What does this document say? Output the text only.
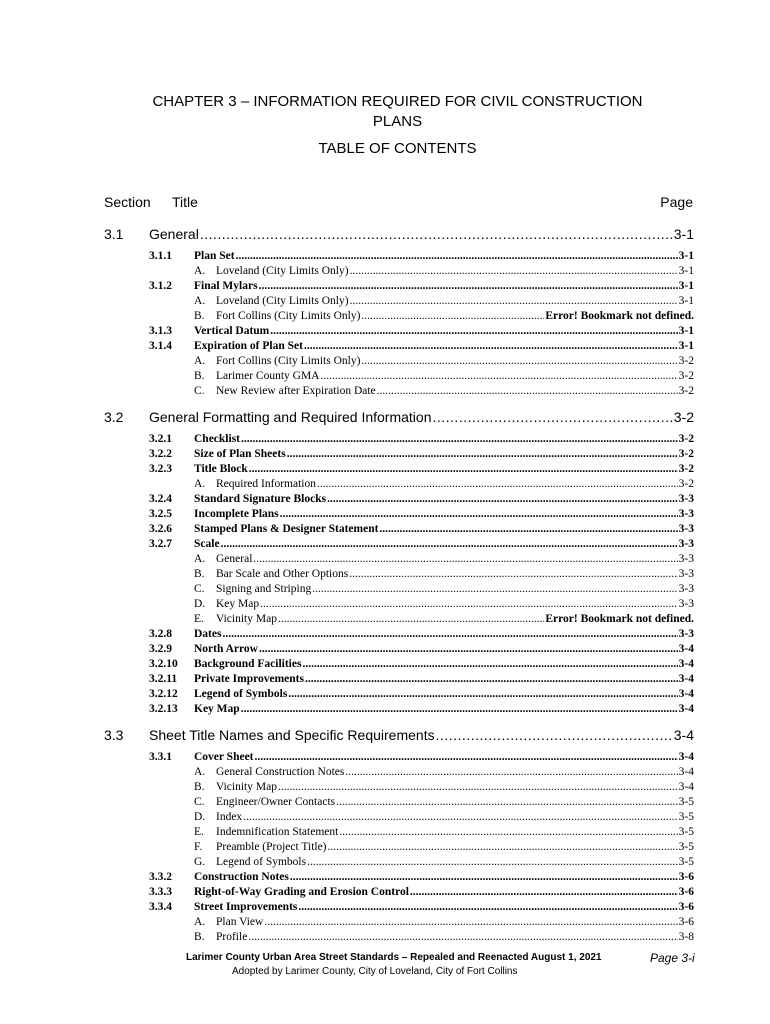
CHAPTER 3 – INFORMATION REQUIRED FOR CIVIL CONSTRUCTION
PLANS
TABLE OF CONTENTS
Section Title	Page
3.1 General .....	3-1
3.1.1 Plan Set .....	3-1
A. Loveland (City Limits Only) .....	3-1
3.1.2 Final Mylars .....	3-1
A. Loveland (City Limits Only) .....	3-1
B. Fort Collins (City Limits Only) .....	Error! Bookmark not defined.
3.1.3 Vertical Datum .....	3-1
3.1.4 Expiration of Plan Set .....	3-1
A. Fort Collins (City Limits Only) .....	3-2
B. Larimer County GMA .....	3-2
C. New Review after Expiration Date .....	3-2
3.2 General Formatting and Required Information .....	3-2
3.2.1 Checklist .....	3-2
3.2.2 Size of Plan Sheets .....	3-2
3.2.3 Title Block .....	3-2
A. Required Information .....	3-2
3.2.4 Standard Signature Blocks .....	3-3
3.2.5 Incomplete Plans .....	3-3
3.2.6 Stamped Plans & Designer Statement .....	3-3
3.2.7 Scale .....	3-3
A. General .....	3-3
B. Bar Scale and Other Options .....	3-3
C. Signing and Striping .....	3-3
D. Key Map .....	3-3
E. Vicinity Map .....	Error! Bookmark not defined.
3.2.8 Dates .....	3-3
3.2.9 North Arrow .....	3-4
3.2.10 Background Facilities .....	3-4
3.2.11 Private Improvements .....	3-4
3.2.12 Legend of Symbols .....	3-4
3.2.13 Key Map .....	3-4
3.3 Sheet Title Names and Specific Requirements .....	3-4
3.3.1 Cover Sheet .....	3-4
A. General Construction Notes .....	3-4
B. Vicinity Map .....	3-4
C. Engineer/Owner Contacts .....	3-5
D. Index .....	3-5
E. Indemnification Statement .....	3-5
F. Preamble (Project Title) .....	3-5
G. Legend of Symbols .....	3-5
3.3.2 Construction Notes .....	3-6
3.3.3 Right-of-Way Grading and Erosion Control .....	3-6
3.3.4 Street Improvements .....	3-6
A. Plan View .....	3-6
B. Profile .....	3-8
Larimer County Urban Area Street Standards – Repealed and Reenacted August 1, 2021
Adopted by Larimer County, City of Loveland, City of Fort Collins
Page 3-i
